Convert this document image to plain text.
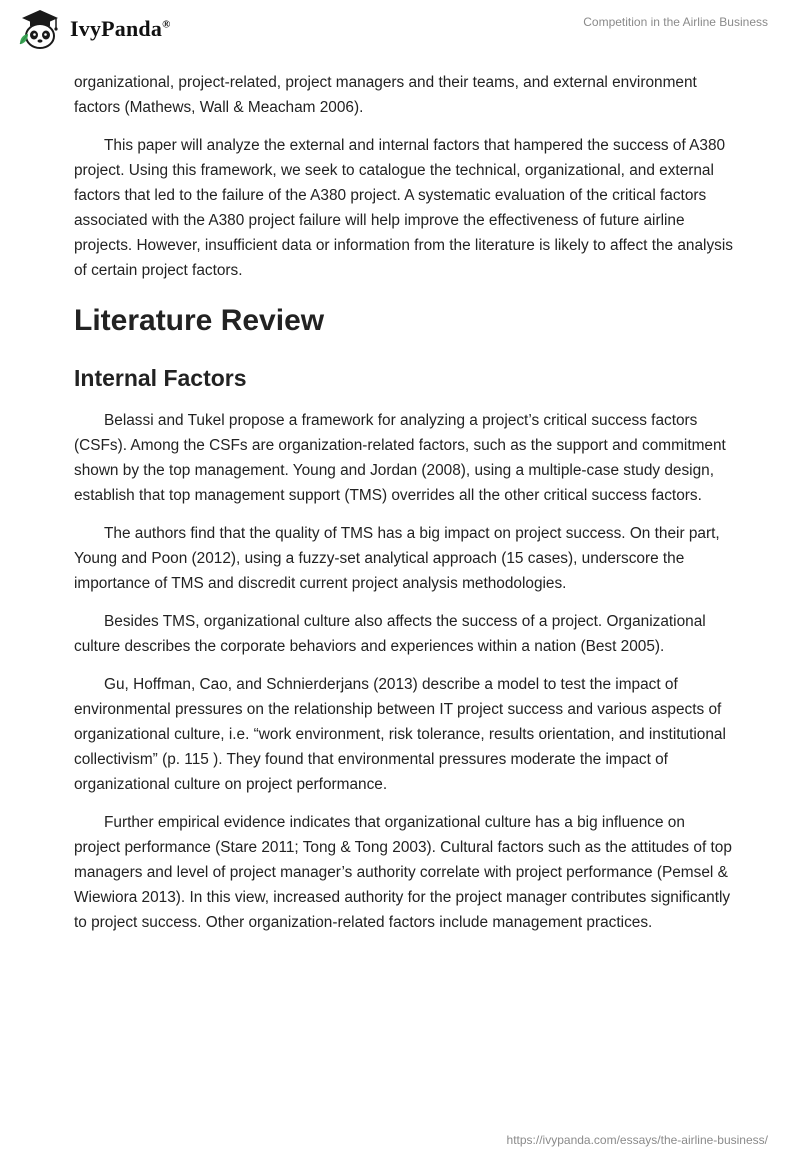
IvyPanda®	Competition in the Airline Business

organizational, project-related, project managers and their teams, and external environment factors (Mathews, Wall & Meacham 2006).

This paper will analyze the external and internal factors that hampered the success of A380 project. Using this framework, we seek to catalogue the technical, organizational, and external factors that led to the failure of the A380 project. A systematic evaluation of the critical factors associated with the A380 project failure will help improve the effectiveness of future airline projects. However, insufficient data or information from the literature is likely to affect the analysis of certain project factors.

Literature Review
Internal Factors

Belassi and Tukel propose a framework for analyzing a project’s critical success factors (CSFs). Among the CSFs are organization-related factors, such as the support and commitment shown by the top management. Young and Jordan (2008), using a multiple-case study design, establish that top management support (TMS) overrides all the other critical success factors.

The authors find that the quality of TMS has a big impact on project success. On their part, Young and Poon (2012), using a fuzzy-set analytical approach (15 cases), underscore the importance of TMS and discredit current project analysis methodologies.

Besides TMS, organizational culture also affects the success of a project. Organizational culture describes the corporate behaviors and experiences within a nation (Best 2005).

Gu, Hoffman, Cao, and Schnierderjans (2013) describe a model to test the impact of environmental pressures on the relationship between IT project success and various aspects of organizational culture, i.e. “work environment, risk tolerance, results orientation, and institutional collectivism” (p. 115 ). They found that environmental pressures moderate the impact of organizational culture on project performance.

Further empirical evidence indicates that organizational culture has a big influence on project performance (Stare 2011; Tong & Tong 2003). Cultural factors such as the attitudes of top managers and level of project manager’s authority correlate with project performance (Pemsel & Wiewiora 2013). In this view, increased authority for the project manager contributes significantly to project success. Other organization-related factors include management practices.

https://ivypanda.com/essays/the-airline-business/
